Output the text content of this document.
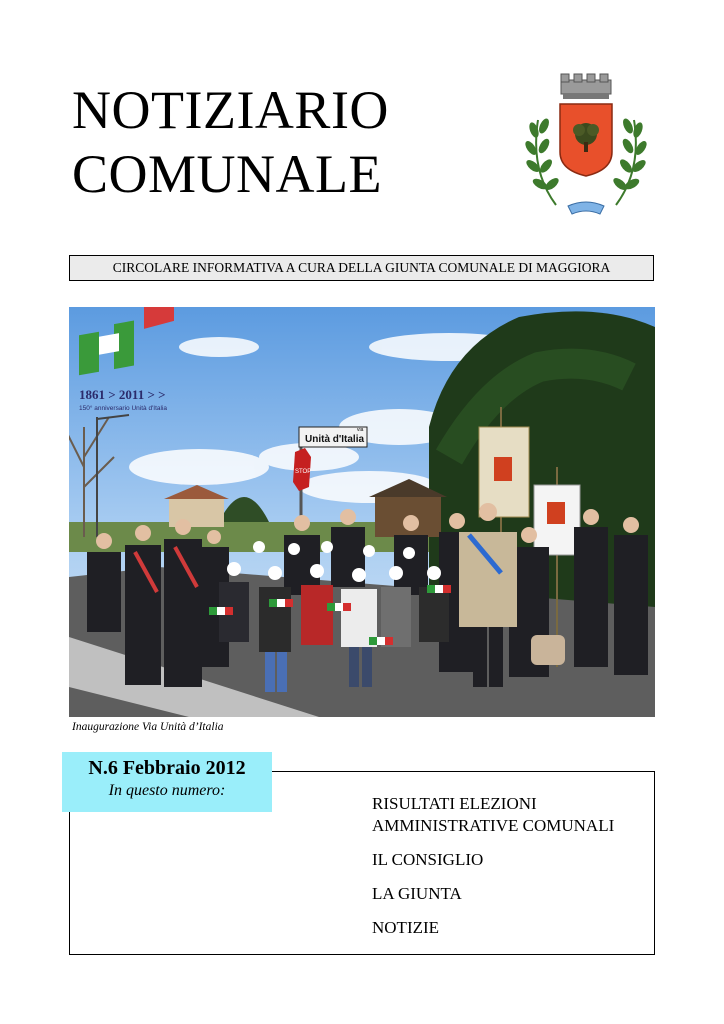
NOTIZIARIO
COMUNALE
CIRCOLARE INFORMATIVA A CURA DELLA GIUNTA COMUNALE DI MAGGIORA
1861 > 2011 > >
150° anniversario Unità d'Italia
via
Unità d'Italia
STOP
Inaugurazione Via Unità d’Italia
N.6 Febbraio 2012
In questo numero:
RISULTATI ELEZIONI
AMMINISTRATIVE COMUNALI
IL CONSIGLIO
LA GIUNTA
NOTIZIE
